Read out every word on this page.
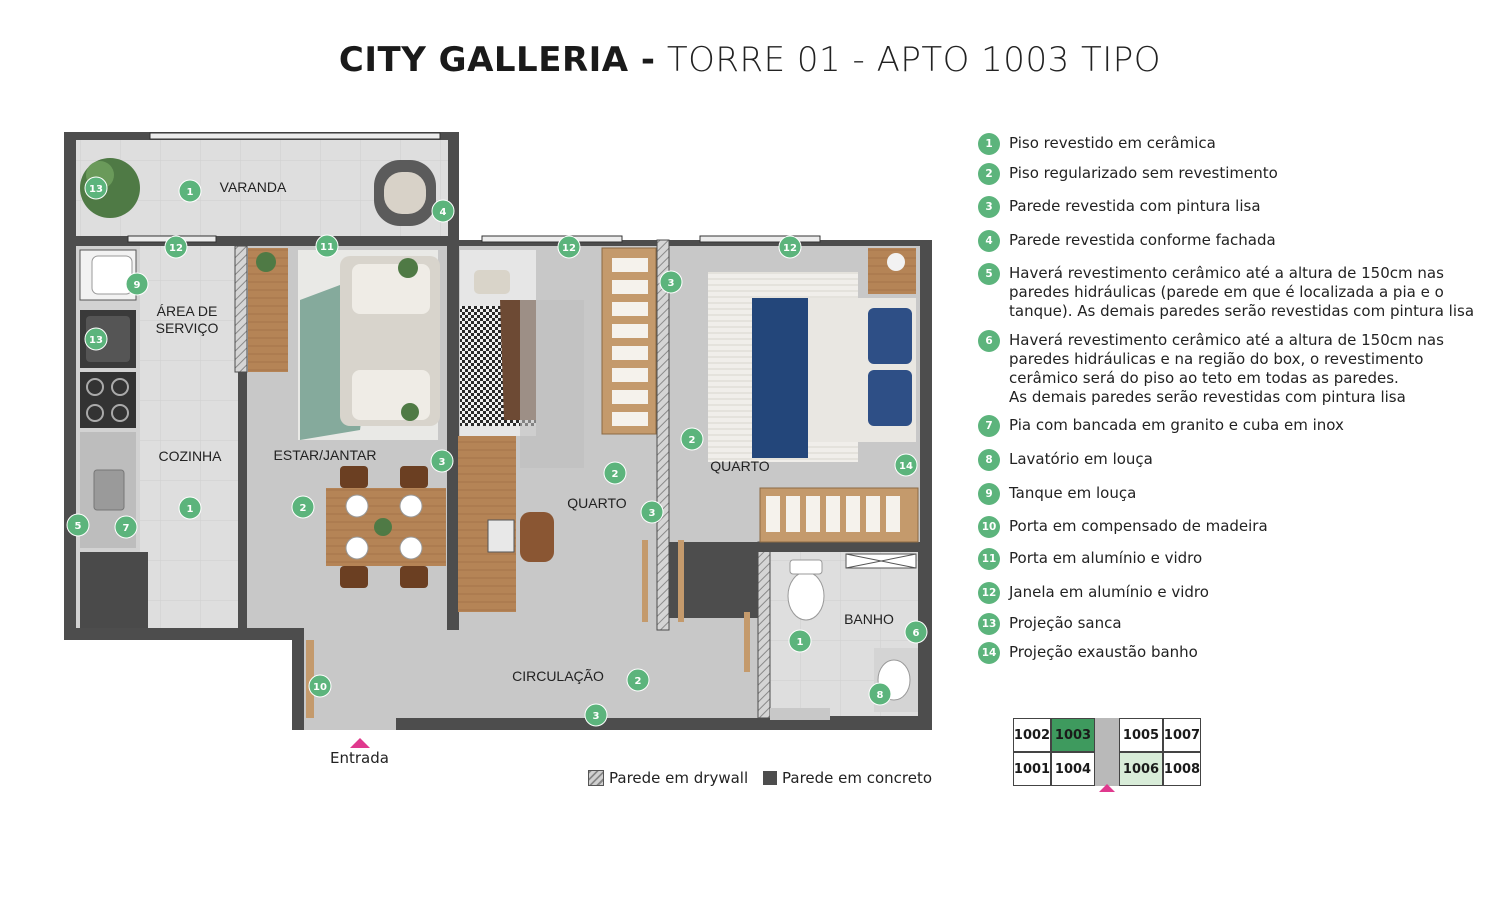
CITY GALLERIA - TORRE 01 - APTO 1003 TIPO
13	1
4
12	11	12	12
9
13
3
2
3
2
2	3
14
5	7
1
2
1
6
8
10
3
VARANDA
ÁREA DE
SERVIÇO
COZINHA	ESTAR/JANTAR
QUARTO
QUARTO
BANHO
CIRCULAÇÃO
Entrada
Parede em drywall Parede em concreto
1	Piso revestido em cerâmica
2	Piso regularizado sem revestimento
3	Parede revestida com pintura lisa
4	Parede revestida conforme fachada
5	Haverá revestimento cerâmico até a altura de 150cm nas
paredes hidráulicas (parede em que é localizada a pia e o
tanque). As demais paredes serão revestidas com pintura lisa
6	Haverá revestimento cerâmico até a altura de 150cm nas
paredes hidráulicas e na região do box, o revestimento
cerâmico será do piso ao teto em todas as paredes.
As demais paredes serão revestidas com pintura lisa
7	Pia com bancada em granito e cuba em inox
8	Lavatório em louça
9	Tanque em louça
10 Porta em compensado de madeira
11 Porta em alumínio e vidro
12 Janela em alumínio e vidro
13 Projeção sanca
14 Projeção exaustão banho
1002 1003	1005 1007
1001 1004	1006 1008
